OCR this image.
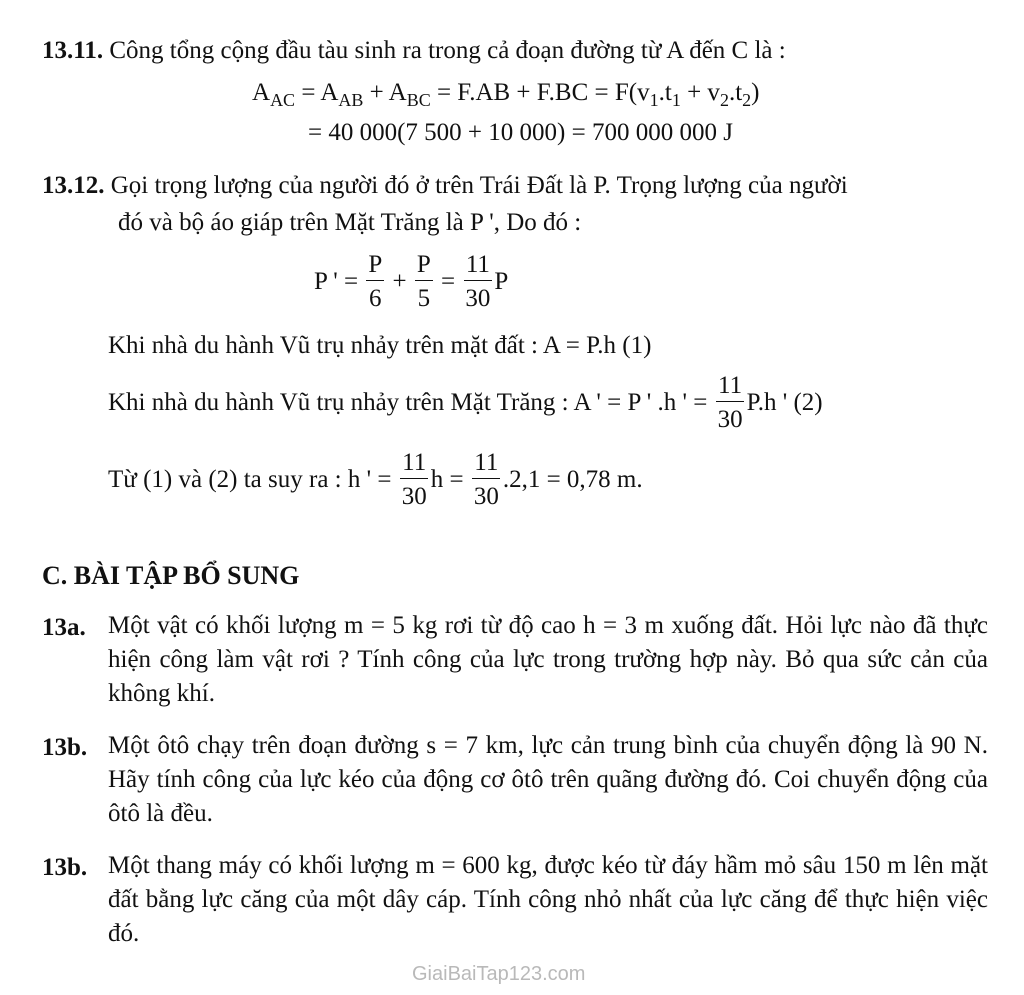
13.11. Công tổng cộng đầu tàu sinh ra trong cả đoạn đường từ A đến C là :
$A_{AC} = A_{AB} + A_{BC} = F.AB + F.BC = F(v_1.t_1 + v_2.t_2)$
= 40 000(7 500 + 10 000) = 700 000 000 J
13.12. Gọi trọng lượng của người đó ở trên Trái Đất là P. Trọng lượng của người
đó và bộ áo giáp trên Mặt Trăng là P ', Do đó :
P ' = $\frac{P}{6} + \frac{P}{5} = \frac{11}{30}$ P
Khi nhà du hành Vũ trụ nhảy trên mặt đất : A = P.h (1)
Khi nhà du hành Vũ trụ nhảy trên Mặt Trăng : A ' = P ' .h ' = $\frac{11}{30} P.h$ ' (2)
Từ (1) và (2) ta suy ra : h ' = $\frac{11}{30}$ $h = \frac{11}{30} .2,1 = 0,78$ m.
C. BÀI TẬP BỔ SUNG
13a. Một vật có khối lượng m = 5 kg rơi từ độ cao h = 3 m xuống đất. Hỏi lực nào đã thực hiện công làm vật rơi ? Tính công của lực trong trường hợp này. Bỏ qua sức cản của không khí.
13b. Một ôtô chạy trên đoạn đường s = 7 km, lực cản trung bình của chuyển động là 90 N. Hãy tính công của lực kéo của động cơ ôtô trên quãng đường đó. Coi chuyển động của ôtô là đều.
13b. Một thang máy có khối lượng m = 600 kg, được kéo từ đáy hầm mỏ sâu 150 m lên mặt đất bằng lực căng của một dây cáp. Tính công nhỏ nhất của lực căng để thực hiện việc đó.
GiaiBaiTap123.com
